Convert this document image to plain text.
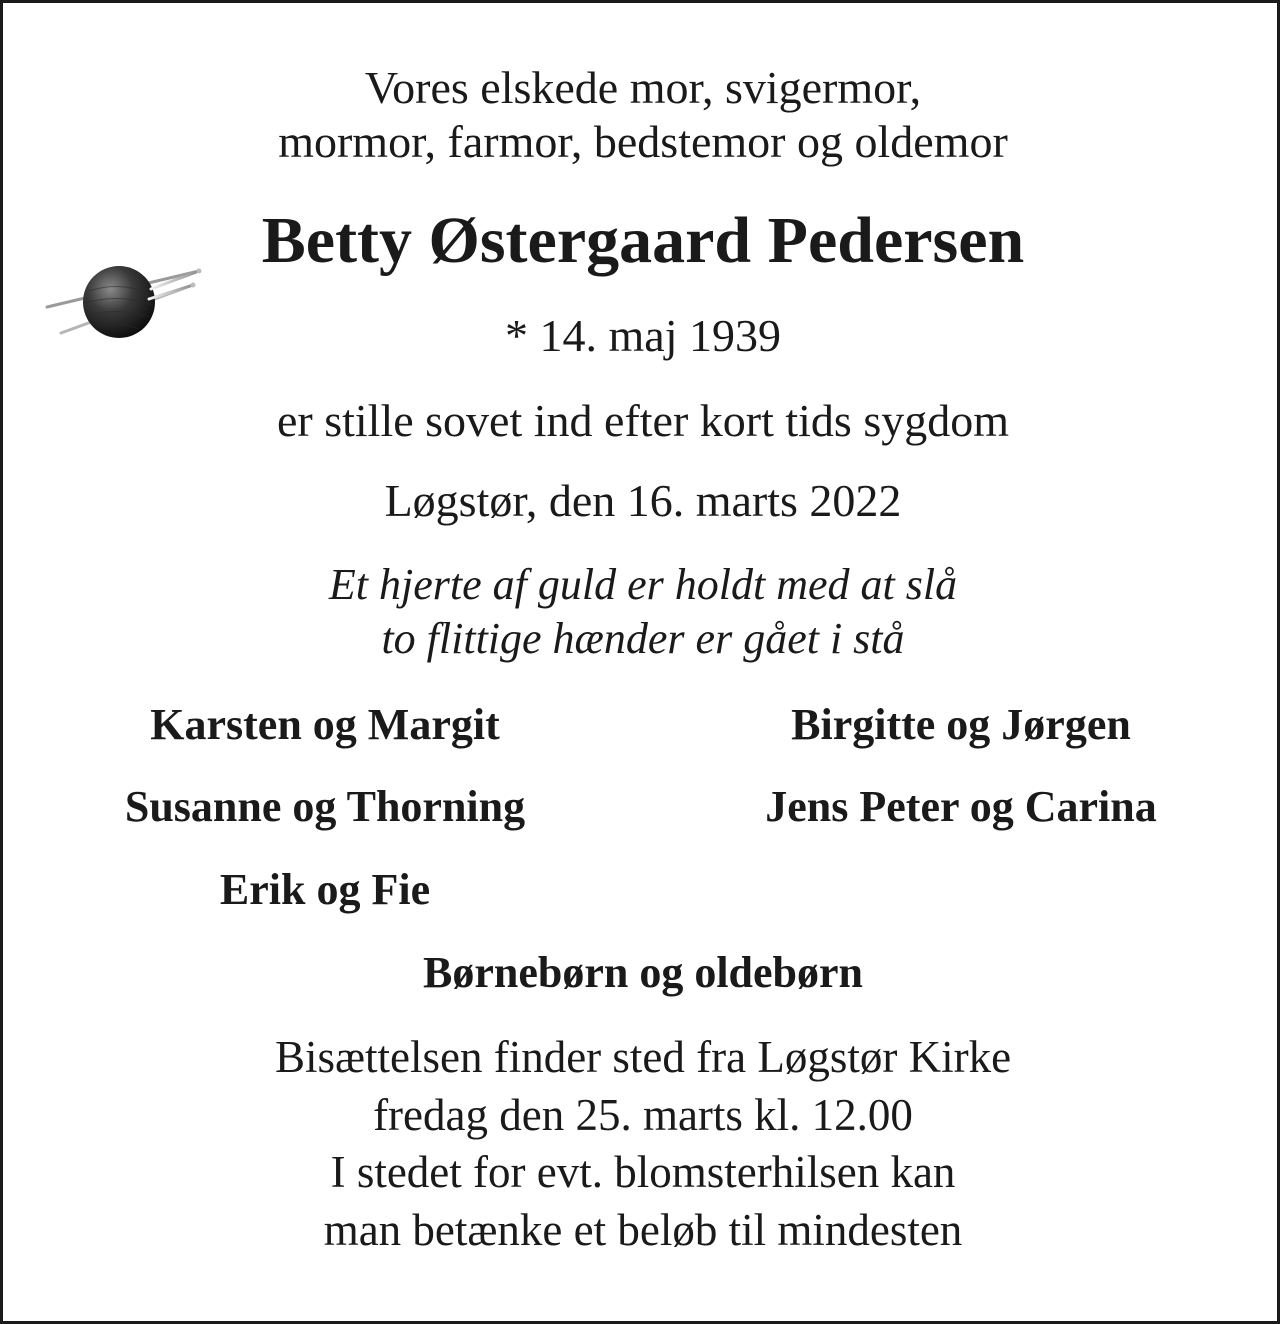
Vores elskede mor, svigermor,
mormor, farmor, bedstemor og oldemor
Betty Østergaard Pedersen
* 14. maj 1939
er stille sovet ind efter kort tids sygdom
Løgstør, den 16. marts 2022
Et hjerte af guld er holdt med at slå
to flittige hænder er gået i stå
Karsten og Margit	Birgitte og Jørgen
Susanne og Thorning	Jens Peter og Carina
Erik og Fie
Børnebørn og oldebørn
Bisættelsen finder sted fra Løgstør Kirke
fredag den 25. marts kl. 12.00
I stedet for evt. blomsterhilsen kan
man betænke et beløb til mindesten
